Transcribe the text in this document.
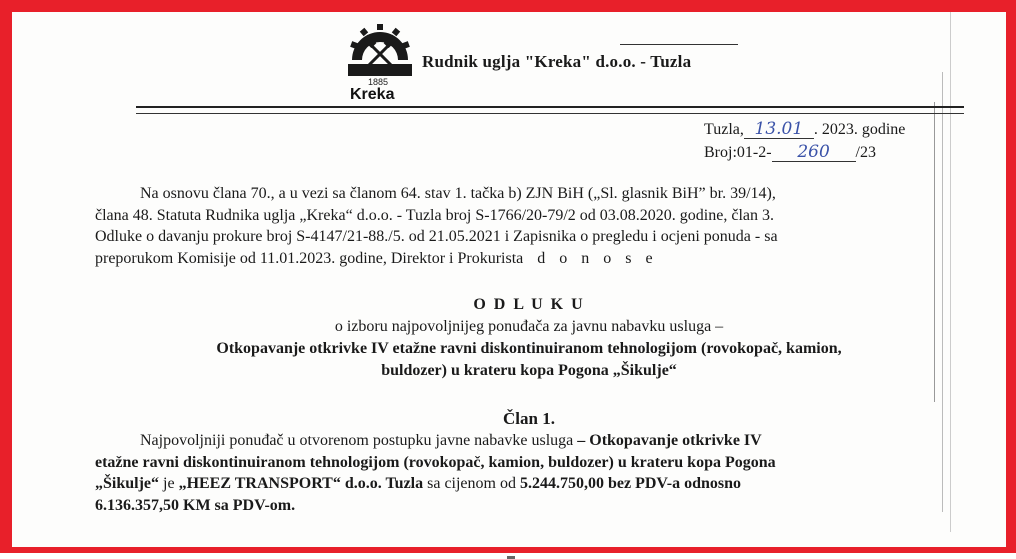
1885
Kreka
Rudnik uglja "Kreka" d.o.o. - Tuzla
Tuzla, 13.01 . 2023. godine
Broj:01-2- 260 /23
Na osnovu člana 70., a u vezi sa članom 64. stav 1. tačka b) ZJN BiH („Sl. glasnik BiH” br. 39/14),
člana 48. Statuta Rudnika uglja „Kreka“ d.o.o. - Tuzla broj S-1766/20-79/2 od 03.08.2020. godine, član 3.
Odluke o davanju prokure broj S-4147/21-88./5. od 21.05.2021 i Zapisnika o pregledu i ocjeni ponuda - sa
preporukom Komisije od 11.01.2023. godine, Direktor i Prokurista d o n o s e
O D L U K U
o izboru najpovoljnijeg ponuđača za javnu nabavku usluga –
Otkopavanje otkrivke IV etažne ravni diskontinuiranom tehnologijom (rovokopač, kamion,
buldozer) u krateru kopa Pogona „Šikulje“
Član 1.
Najpovoljniji ponuđač u otvorenom postupku javne nabavke usluga – Otkopavanje otkrivke IV
etažne ravni diskontinuiranom tehnologijom (rovokopač, kamion, buldozer) u krateru kopa Pogona
„Šikulje“ je „HEEZ TRANSPORT“ d.o.o. Tuzla sa cijenom od 5.244.750,00 bez PDV-a odnosno
6.136.357,50 KM sa PDV-om.
